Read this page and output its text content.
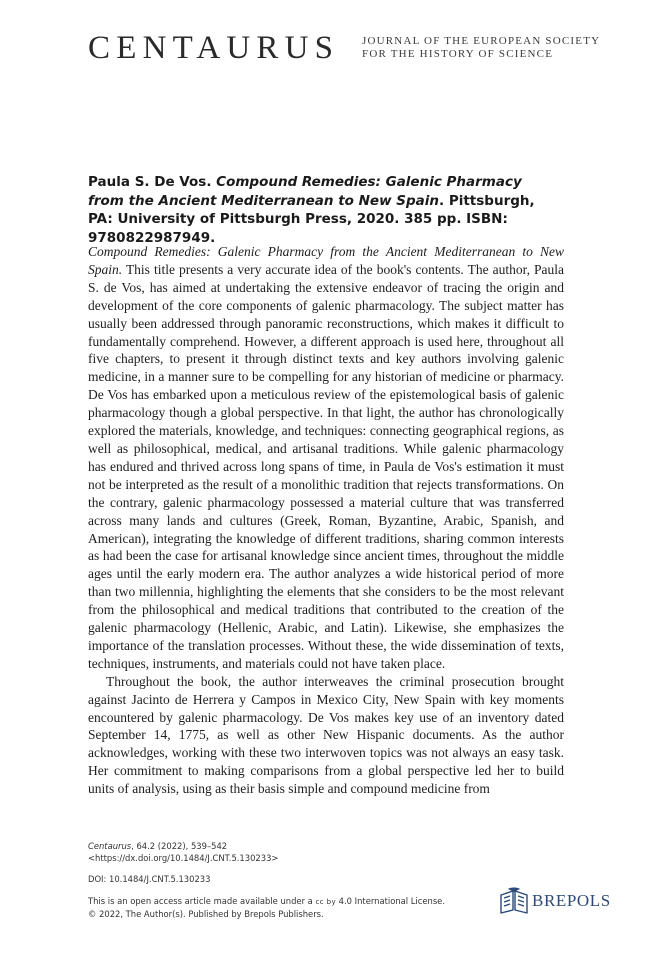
CENTAURUS JOURNAL OF THE EUROPEAN SOCIETY
FOR THE HISTORY OF SCIENCE
Paula S. De Vos. Compound Remedies: Galenic Pharmacy from the Ancient Mediterranean to New Spain. Pittsburgh, PA: University of Pittsburgh Press, 2020. 385 pp. ISBN: 9780822987949.

Compound Remedies: Galenic Pharmacy from the Ancient Mediterranean to New Spain. This title presents a very accurate idea of the book's contents. The author, Paula S. de Vos, has aimed at undertaking the extensive endeavor of tracing the origin and development of the core components of galenic pharmacology. The subject matter has usually been addressed through panoramic reconstructions, which makes it difficult to fundamentally comprehend. However, a different approach is used here, throughout all five chapters, to present it through distinct texts and key authors involving galenic medicine, in a manner sure to be compelling for any historian of medicine or pharmacy. De Vos has embarked upon a meticulous review of the epistemological basis of galenic pharmacology though a global perspective. In that light, the author has chronologically explored the materials, knowledge, and techniques: connecting geographical regions, as well as philosophical, medical, and artisanal traditions. While galenic pharmacology has endured and thrived across long spans of time, in Paula de Vos's estimation it must not be interpreted as the result of a monolithic tradition that rejects transformations. On the contrary, galenic pharmacology possessed a material culture that was transferred across many lands and cultures (Greek, Roman, Byzantine, Arabic, Spanish, and American), integrating the knowledge of different traditions, sharing common interests as had been the case for artisanal knowledge since ancient times, throughout the middle ages until the early modern era. The author analyzes a wide historical period of more than two millennia, highlighting the elements that she considers to be the most relevant from the philosophical and medical traditions that contributed to the creation of the galenic pharmacology (Hellenic, Arabic, and Latin). Likewise, she emphasizes the importance of the translation processes. Without these, the wide dissemination of texts, techniques, instruments, and materials could not have taken place.

Throughout the book, the author interweaves the criminal prosecution brought against Jacinto de Herrera y Campos in Mexico City, New Spain with key moments encountered by galenic pharmacology. De Vos makes key use of an inventory dated September 14, 1775, as well as other New Hispanic documents. As the author acknowledges, working with these two interwoven topics was not always an easy task. Her commitment to making comparisons from a global perspective led her to build units of analysis, using as their basis simple and compound medicine from

Centaurus, 64.2 (2022), 539–542
<https://dx.doi.org/10.1484/J.CNT.5.130233>
DOI: 10.1484/J.CNT.5.130233
This is an open access article made available under a cc by 4.0 International License.
© 2022, The Author(s). Published by Brepols Publishers.
BREPOLS
